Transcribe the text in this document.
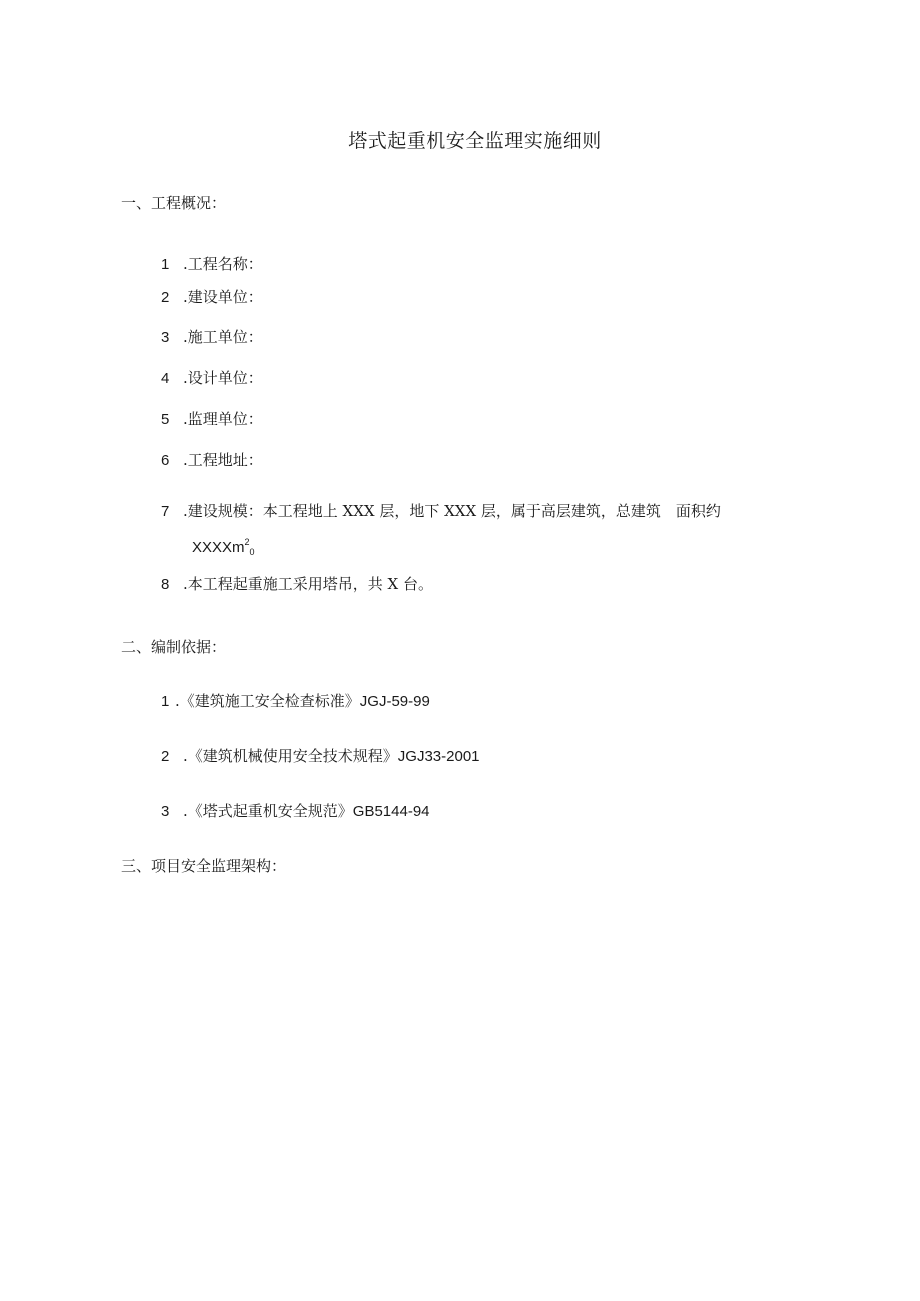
塔式起重机安全监理实施细则
一、工程概况：
1 .工程名称：
2 .建设单位：
3 .施工单位：
4 .设计单位：
5 .监理单位：
6 .工程地址：
7 .建设规模：本工程地上 XXX 层，地下 XXX 层，属于高层建筑，总建筑　面积约
XXXXm$^2_0$
8 .本工程起重施工采用塔吊，共 X 台。
二、编制依据：
1 .《建筑施工安全检查标准》JGJ-59-99
2 .《建筑机械使用安全技术规程》JGJ33-2001
3 .《塔式起重机安全规范》GB5144-94
三、项目安全监理架构：
